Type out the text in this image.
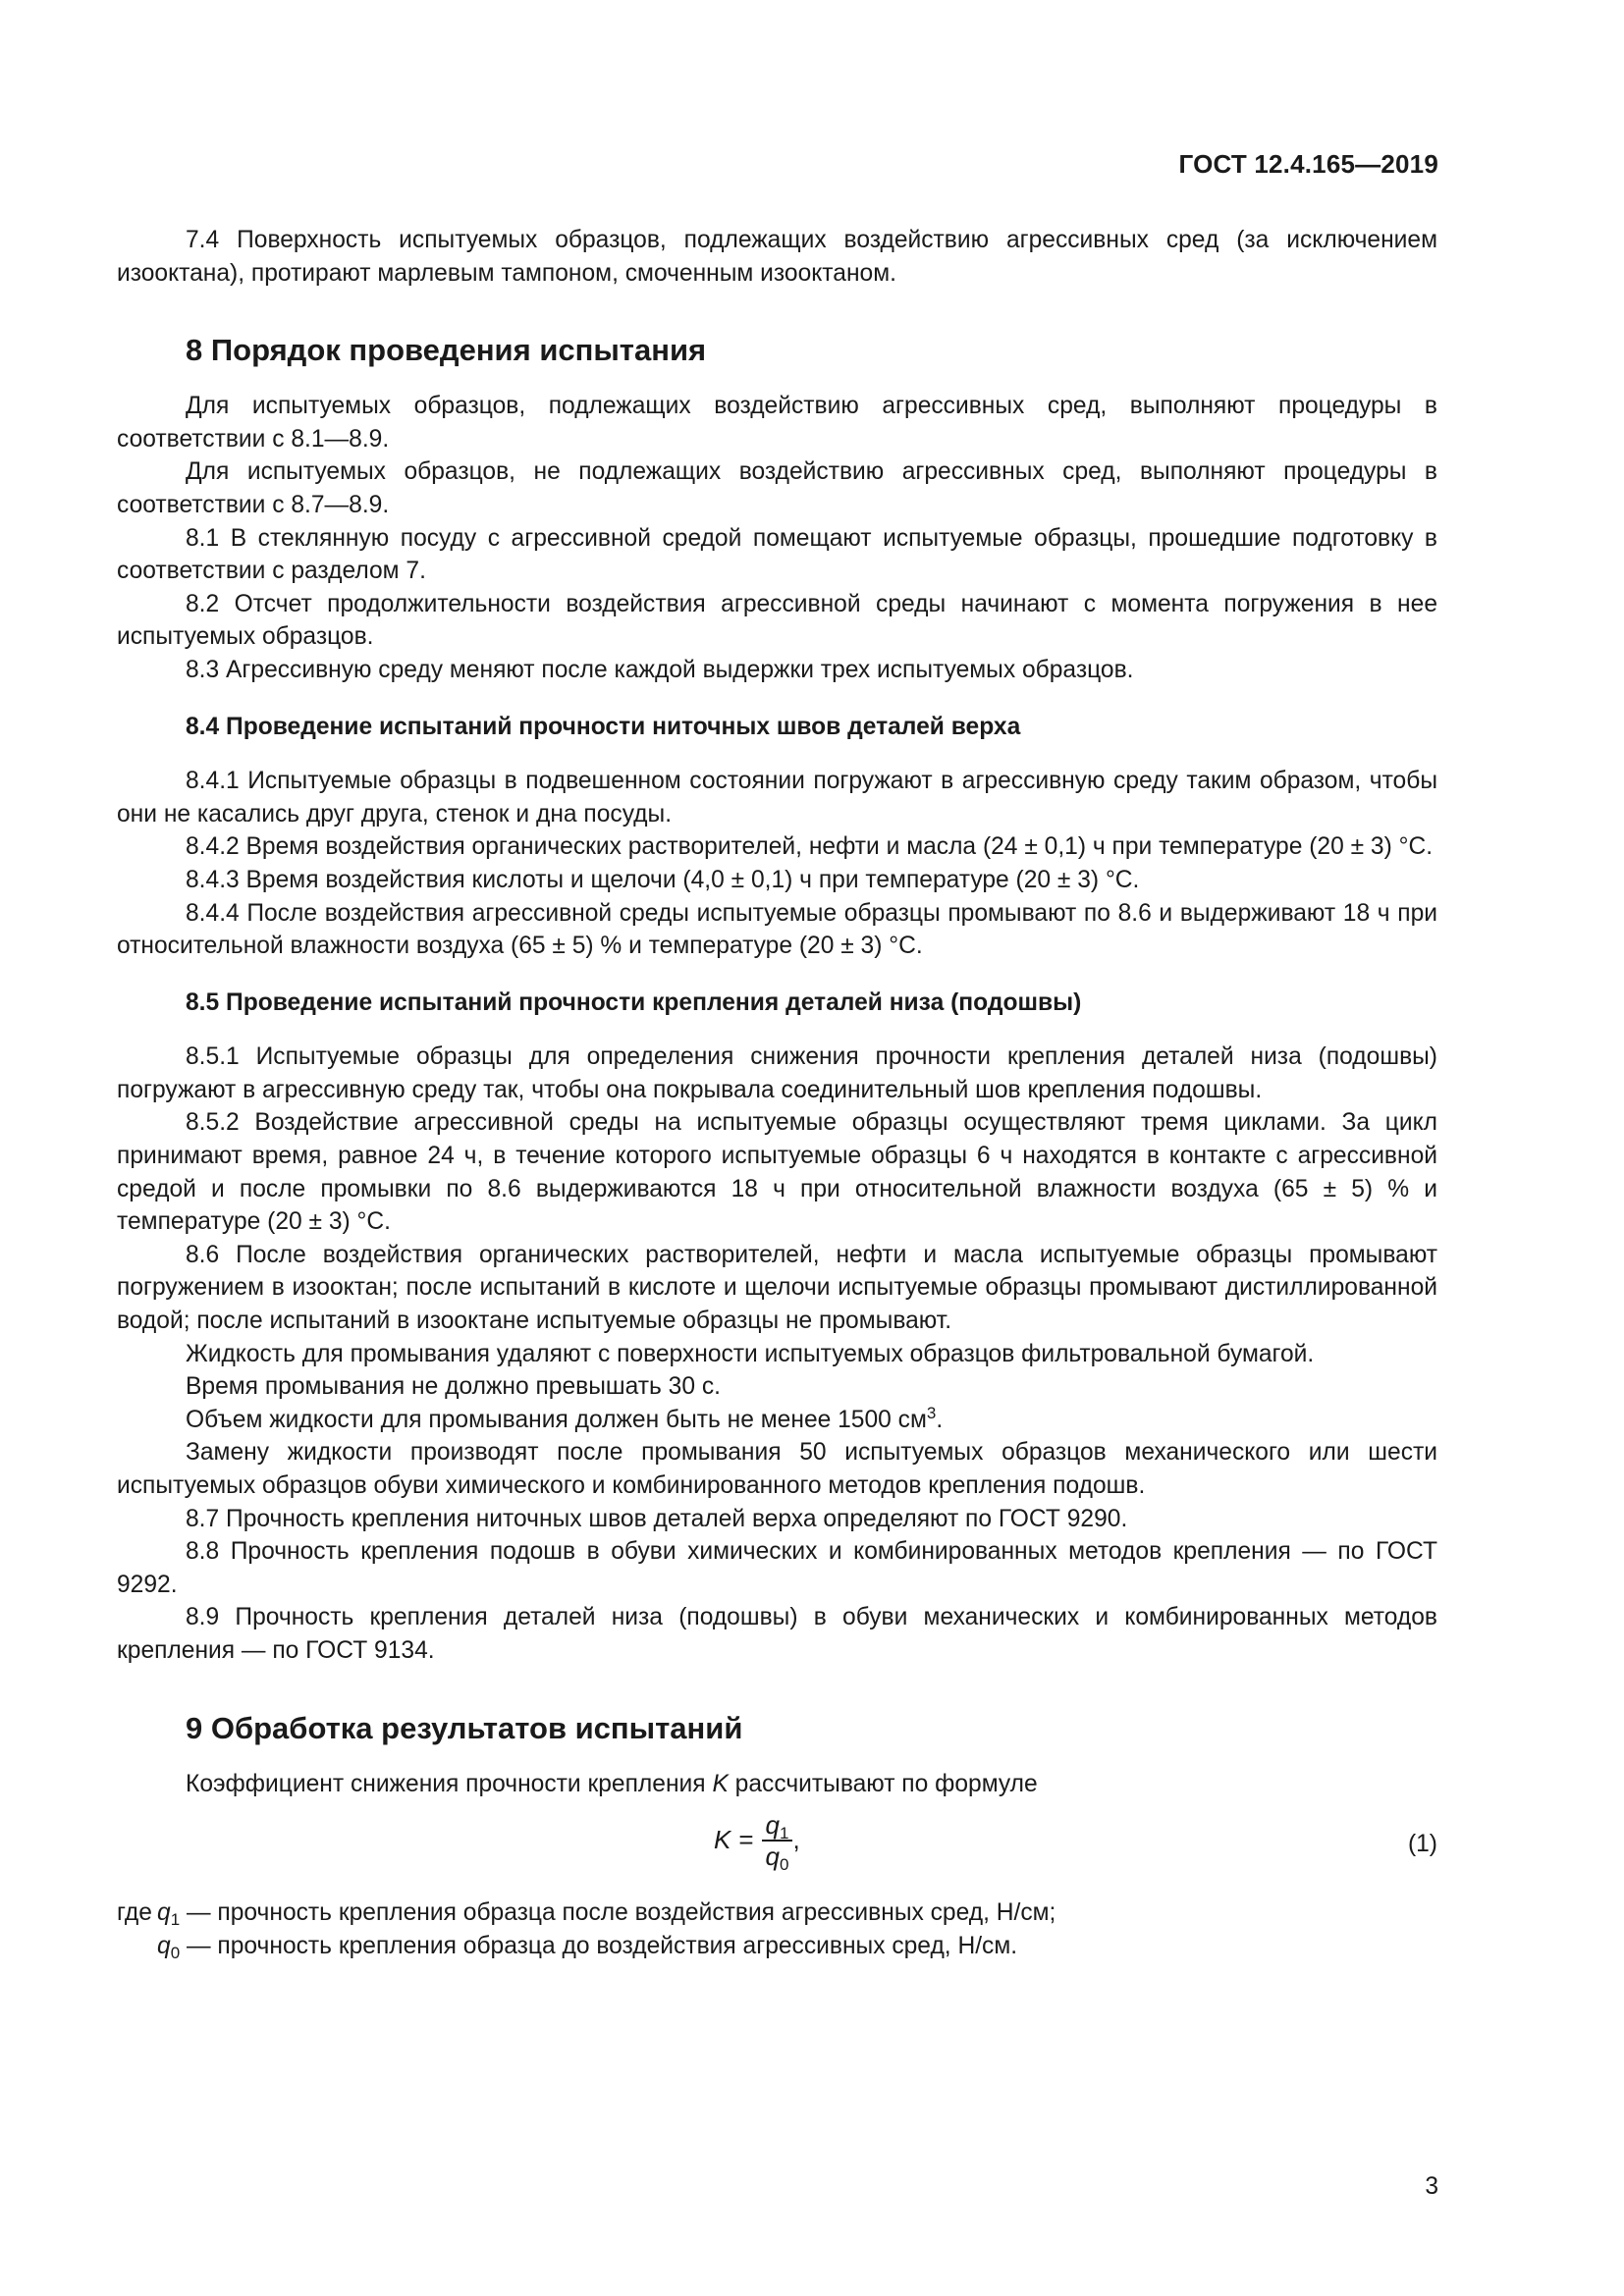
ГОСТ 12.4.165—2019

7.4 Поверхность испытуемых образцов, подлежащих воздействию агрессивных сред (за исключением изооктана), протирают марлевым тампоном, смоченным изооктаном.

8 Порядок проведения испытания

Для испытуемых образцов, подлежащих воздействию агрессивных сред, выполняют процедуры в соответствии с 8.1—8.9.

Для испытуемых образцов, не подлежащих воздействию агрессивных сред, выполняют процедуры в соответствии с 8.7—8.9.

8.1 В стеклянную посуду с агрессивной средой помещают испытуемые образцы, прошедшие подготовку в соответствии с разделом 7.

8.2 Отсчет продолжительности воздействия агрессивной среды начинают с момента погружения в нее испытуемых образцов.

8.3 Агрессивную среду меняют после каждой выдержки трех испытуемых образцов.

8.4 Проведение испытаний прочности ниточных швов деталей верха

8.4.1 Испытуемые образцы в подвешенном состоянии погружают в агрессивную среду таким образом, чтобы они не касались друг друга, стенок и дна посуды.

8.4.2 Время воздействия органических растворителей, нефти и масла (24 ± 0,1) ч при температуре (20 ± 3) °С.

8.4.3 Время воздействия кислоты и щелочи (4,0 ± 0,1) ч при температуре (20 ± 3) °С.

8.4.4 После воздействия агрессивной среды испытуемые образцы промывают по 8.6 и выдерживают 18 ч при относительной влажности воздуха (65 ± 5) % и температуре (20 ± 3) °С.

8.5 Проведение испытаний прочности крепления деталей низа (подошвы)

8.5.1 Испытуемые образцы для определения снижения прочности крепления деталей низа (подошвы) погружают в агрессивную среду так, чтобы она покрывала соединительный шов крепления подошвы.

8.5.2 Воздействие агрессивной среды на испытуемые образцы осуществляют тремя циклами. За цикл принимают время, равное 24 ч, в течение которого испытуемые образцы 6 ч находятся в контакте с агрессивной средой и после промывки по 8.6 выдерживаются 18 ч при относительной влажности воздуха (65 ± 5) % и температуре (20 ± 3) °С.

8.6 После воздействия органических растворителей, нефти и масла испытуемые образцы промывают погружением в изооктан; после испытаний в кислоте и щелочи испытуемые образцы промывают дистиллированной водой; после испытаний в изооктане испытуемые образцы не промывают.

Жидкость для промывания удаляют с поверхности испытуемых образцов фильтровальной бумагой.

Время промывания не должно превышать 30 с.

Объем жидкости для промывания должен быть не менее 1500 $см^3$.

Замену жидкости производят после промывания 50 испытуемых образцов механического или шести испытуемых образцов обуви химического и комбинированного методов крепления подошв.

8.7 Прочность крепления ниточных швов деталей верха определяют по ГОСТ 9290.

8.8 Прочность крепления подошв в обуви химических и комбинированных методов крепления — по ГОСТ 9292.

8.9 Прочность крепления деталей низа (подошвы) в обуви механических и комбинированных методов крепления — по ГОСТ 9134.

9 Обработка результатов испытаний

Коэффициент снижения прочности крепления K рассчитывают по формуле

$K = \frac{q_1}{q_0}$ ,	(1)
где $q_1$ — прочность крепления образца после воздействия агрессивных сред, Н/см;
$q_0$ — прочность крепления образца до воздействия агрессивных сред, Н/см.
3
